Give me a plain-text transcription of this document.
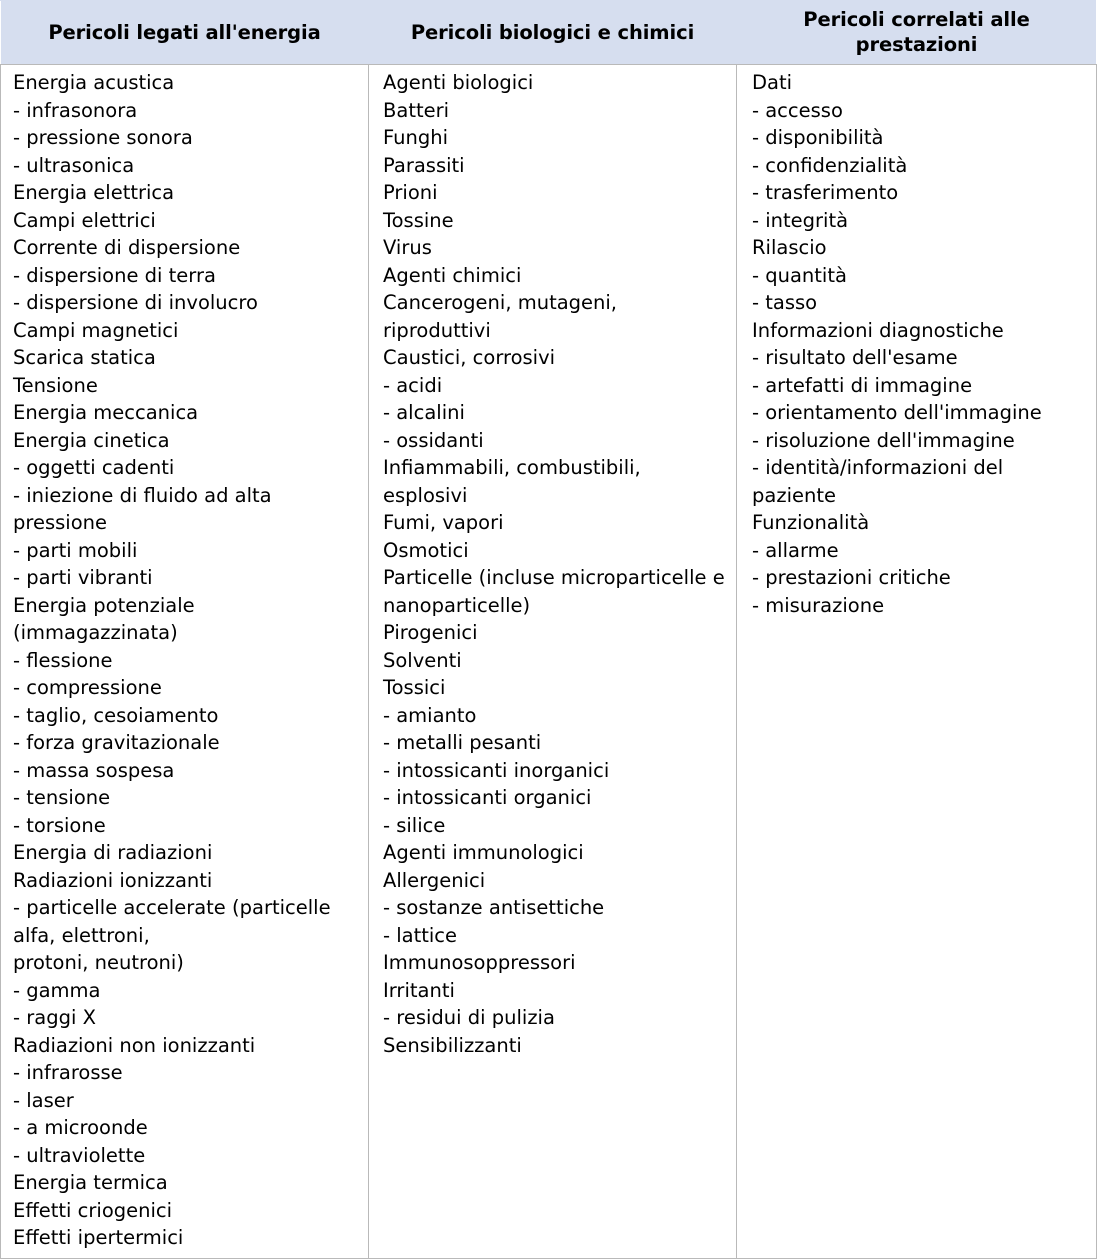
Pericoli legati all'energia	Pericoli biologici e chimici	Pericoli correlati alle prestazioni

Energia acustica
- infrasonora
- pressione sonora
- ultrasonica
Energia elettrica
Campi elettrici
Corrente di dispersione
- dispersione di terra
- dispersione di involucro
Campi magnetici
Scarica statica
Tensione
Energia meccanica
Energia cinetica
- oggetti cadenti
- iniezione di fluido ad alta pressione
- parti mobili
- parti vibranti
Energia potenziale (immagazzinata)
- flessione
- compressione
- taglio, cesoiamento
- forza gravitazionale
- massa sospesa
- tensione
- torsione
Energia di radiazioni
Radiazioni ionizzanti
- particelle accelerate (particelle alfa, elettroni,
protoni, neutroni)
- gamma
- raggi X
Radiazioni non ionizzanti
- infrarosse
- laser
- a microonde
- ultraviolette
Energia termica
Effetti criogenici
Effetti ipertermici

Agenti biologici
Batteri
Funghi
Parassiti
Prioni
Tossine
Virus
Agenti chimici
Cancerogeni, mutageni, riproduttivi
Caustici, corrosivi
- acidi
- alcalini
- ossidanti
Infiammabili, combustibili, esplosivi
Fumi, vapori
Osmotici
Particelle (incluse microparticelle e nanoparticelle)
Pirogenici
Solventi
Tossici
- amianto
- metalli pesanti
- intossicanti inorganici
- intossicanti organici
- silice
Agenti immunologici
Allergenici
- sostanze antisettiche
- lattice
Immunosoppressori
Irritanti
- residui di pulizia
Sensibilizzanti

Dati
- accesso
- disponibilità
- confidenzialità
- trasferimento
- integrità
Rilascio
- quantità
- tasso
Informazioni diagnostiche
- risultato dell'esame
- artefatti di immagine
- orientamento dell'immagine
- risoluzione dell'immagine
- identità/informazioni del paziente
Funzionalità
- allarme
- prestazioni critiche
- misurazione
